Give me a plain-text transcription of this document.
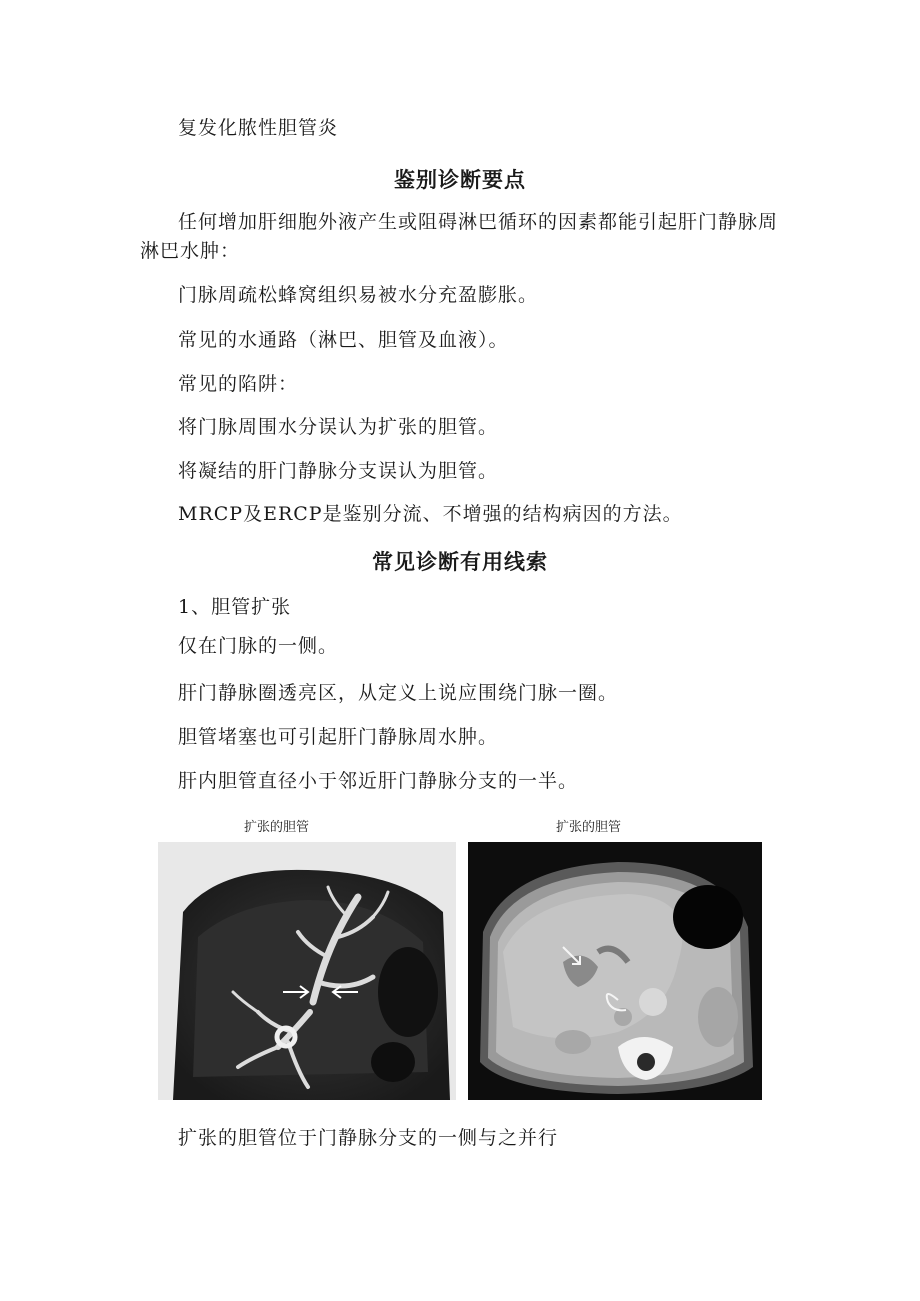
复发化脓性胆管炎
鉴别诊断要点
任何增加肝细胞外液产生或阻碍淋巴循环的因素都能引起肝门静脉周淋巴水肿：
门脉周疏松蜂窝组织易被水分充盈膨胀。
常见的水通路（淋巴、胆管及血液）。
常见的陷阱：
将门脉周围水分误认为扩张的胆管。
将凝结的肝门静脉分支误认为胆管。
MRCP及ERCP是鉴别分流、不增强的结构病因的方法。
常见诊断有用线索
1、胆管扩张
仅在门脉的一侧。
肝门静脉圈透亮区，从定义上说应围绕门脉一圈。
胆管堵塞也可引起肝门静脉周水肿。
肝内胆管直径小于邻近肝门静脉分支的一半。
扩张的胆管	扩张的胆管
扩张的胆管位于门静脉分支的一侧与之并行
